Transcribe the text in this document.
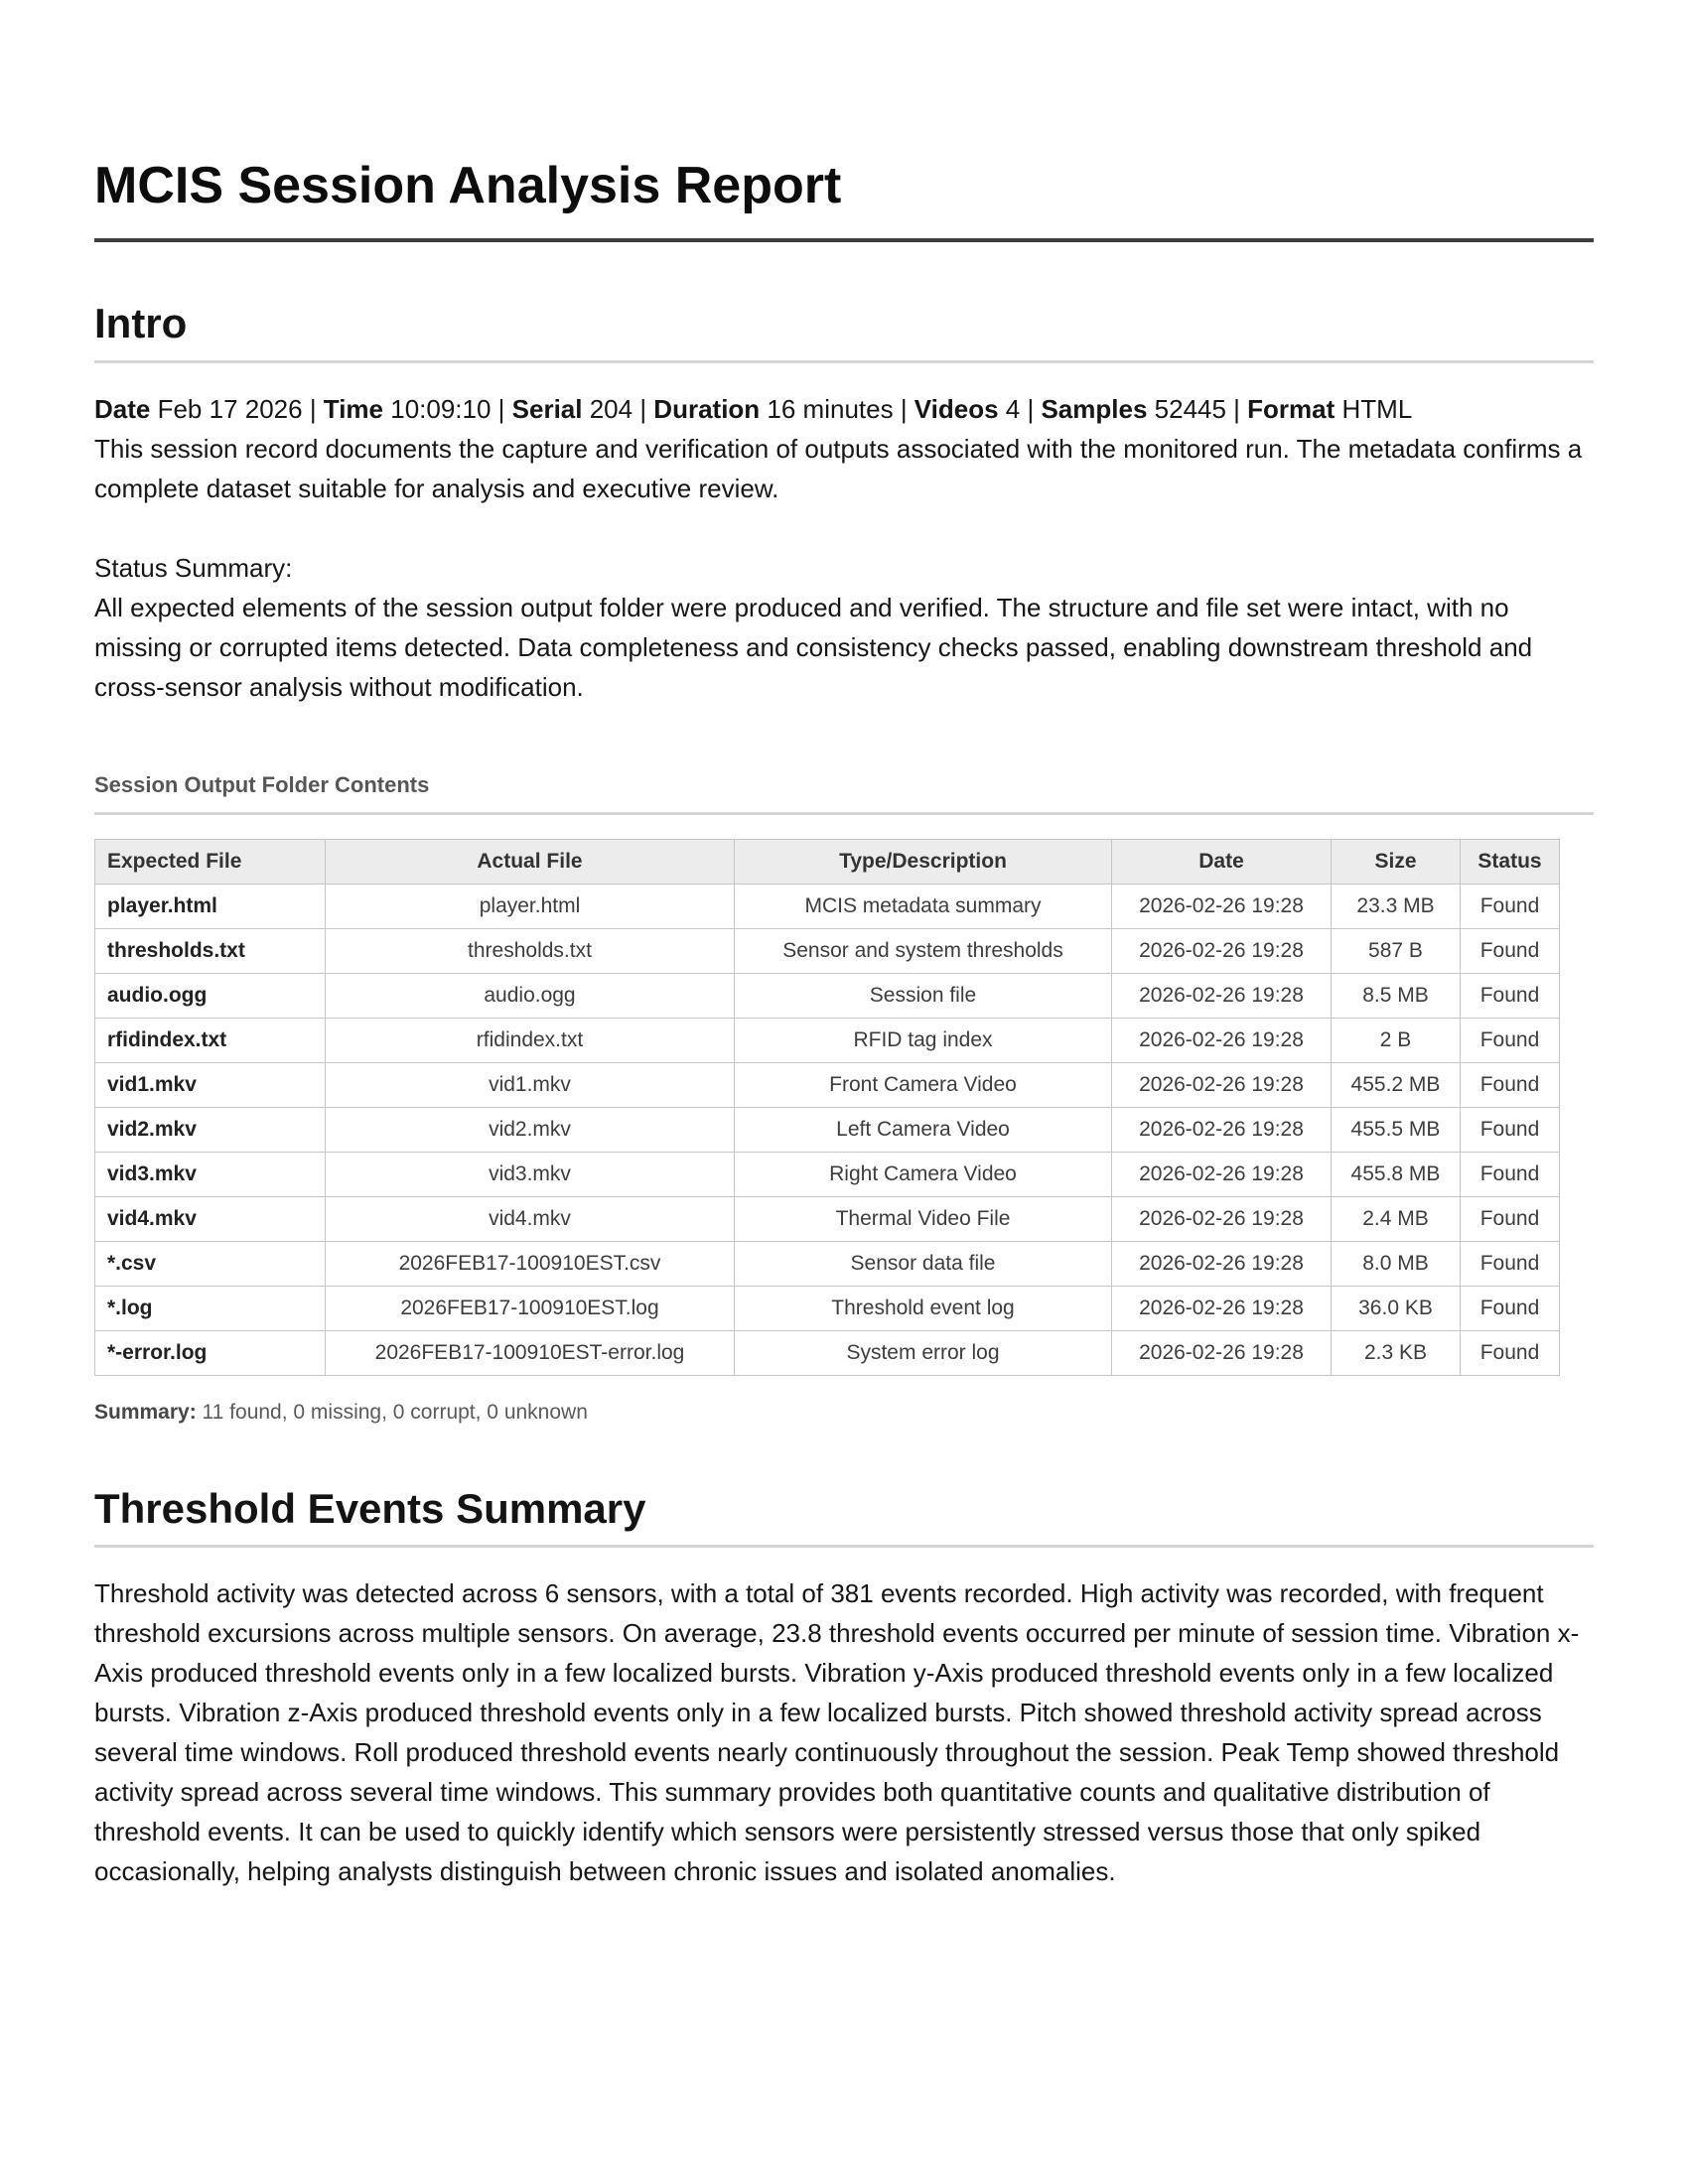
MCIS Session Analysis Report
Intro

Date Feb 17 2026 | Time 10:09:10 | Serial 204 | Duration 16 minutes | Videos 4 | Samples 52445 | Format HTML

This session record documents the capture and verification of outputs associated with the monitored run. The metadata confirms a complete dataset suitable for analysis and executive review.

Status Summary:
All expected elements of the session output folder were produced and verified. The structure and file set were intact, with no missing or corrupted items detected. Data completeness and consistency checks passed, enabling downstream threshold and cross-sensor analysis without modification.

Session Output Folder Contents
Expected File	Actual File	Type/Description	Date	Size	Status
player.html	player.html	MCIS metadata summary	2026-02-26 19:28	23.3 MB	Found
thresholds.txt	thresholds.txt	Sensor and system thresholds	2026-02-26 19:28	587 B	Found
audio.ogg	audio.ogg	Session file	2026-02-26 19:28	8.5 MB	Found
rfidindex.txt	rfidindex.txt	RFID tag index	2026-02-26 19:28	2 B	Found
vid1.mkv	vid1.mkv	Front Camera Video	2026-02-26 19:28	455.2 MB	Found
vid2.mkv	vid2.mkv	Left Camera Video	2026-02-26 19:28	455.5 MB	Found
vid3.mkv	vid3.mkv	Right Camera Video	2026-02-26 19:28	455.8 MB	Found
vid4.mkv	vid4.mkv	Thermal Video File	2026-02-26 19:28	2.4 MB	Found
*.csv	2026FEB17-100910EST.csv	Sensor data file	2026-02-26 19:28	8.0 MB	Found
*.log	2026FEB17-100910EST.log	Threshold event log	2026-02-26 19:28	36.0 KB	Found
*-error.log	2026FEB17-100910EST-error.log	System error log	2026-02-26 19:28	2.3 KB	Found

Summary: 11 found, 0 missing, 0 corrupt, 0 unknown

Threshold Events Summary

Threshold activity was detected across 6 sensors, with a total of 381 events recorded. High activity was recorded, with frequent threshold excursions across multiple sensors. On average, 23.8 threshold events occurred per minute of session time. Vibration x-Axis produced threshold events only in a few localized bursts. Vibration y-Axis produced threshold events only in a few localized bursts. Vibration z-Axis produced threshold events only in a few localized bursts. Pitch showed threshold activity spread across several time windows. Roll produced threshold events nearly continuously throughout the session. Peak Temp showed threshold activity spread across several time windows. This summary provides both quantitative counts and qualitative distribution of threshold events. It can be used to quickly identify which sensors were persistently stressed versus those that only spiked occasionally, helping analysts distinguish between chronic issues and isolated anomalies.
